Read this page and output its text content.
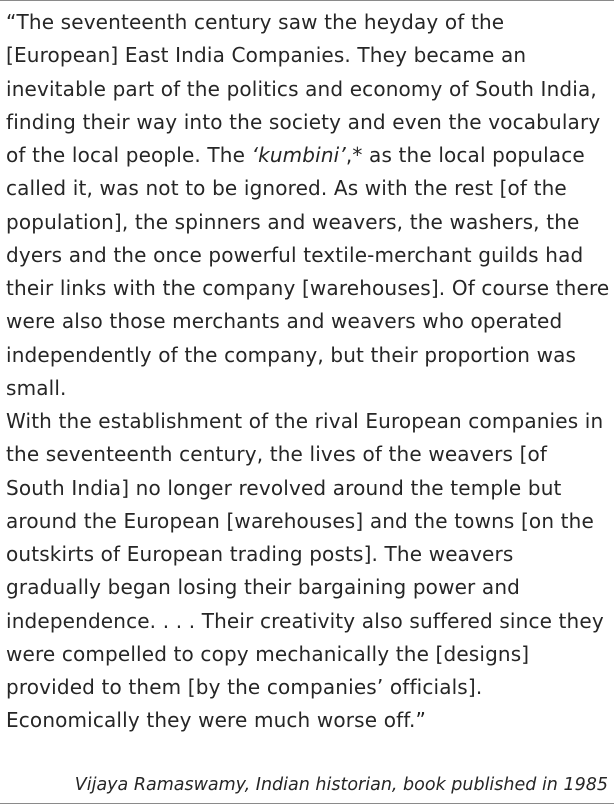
“The seventeenth century saw the heyday of the [European] East India Companies. They became an inevitable part of the politics and economy of South India, finding their way into the society and even the vocabulary of the local people. The ‘kumbini’,* as the local populace called it, was not to be ignored. As with the rest [of the population], the spinners and weavers, the washers, the dyers and the once powerful textile-merchant guilds had their links with the company [warehouses]. Of course there were also those merchants and weavers who operated independently of the company, but their proportion was small.

With the establishment of the rival European companies in the seventeenth century, the lives of the weavers [of South India] no longer revolved around the temple but around the European [warehouses] and the towns [on the outskirts of European trading posts]. The weavers gradually began losing their bargaining power and independence. . . . Their creativity also suffered since they were compelled to copy mechanically the [designs] provided to them [by the companies’ officials]. Economically they were much worse off.”

Vijaya Ramaswamy, Indian historian, book published in 1985
